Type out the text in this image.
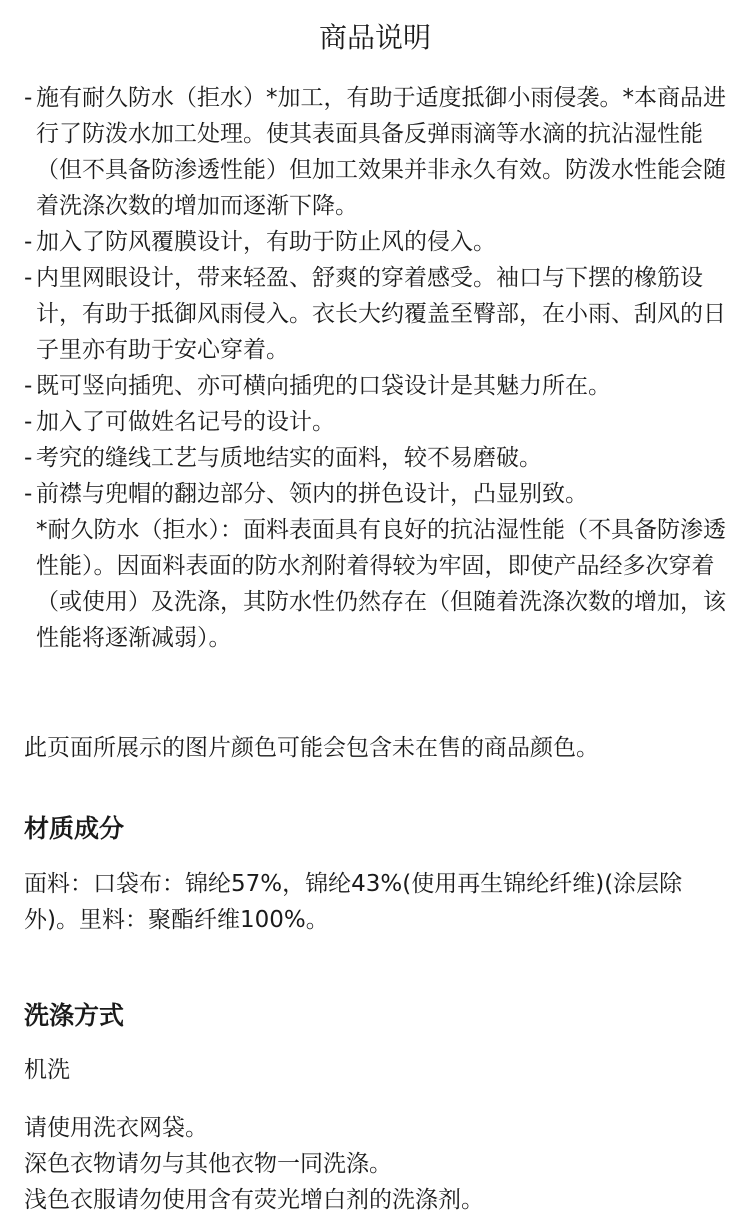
商品说明
- 施有耐久防水（拒水）*加工，有助于适度抵御小雨侵袭。*本商品进行了防泼水加工处理。使其表面具备反弹雨滴等水滴的抗沾湿性能（但不具备防渗透性能）但加工效果并非永久有效。防泼水性能会随着洗涤次数的增加而逐渐下降。
- 加入了防风覆膜设计，有助于防止风的侵入。
- 内里网眼设计，带来轻盈、舒爽的穿着感受。袖口与下摆的橡筋设计，有助于抵御风雨侵入。衣长大约覆盖至臀部，在小雨、刮风的日子里亦有助于安心穿着。
- 既可竖向插兜、亦可横向插兜的口袋设计是其魅力所在。
- 加入了可做姓名记号的设计。
- 考究的缝线工艺与质地结实的面料，较不易磨破。
- 前襟与兜帽的翻边部分、领内的拼色设计，凸显别致。
*耐久防水（拒水）：面料表面具有良好的抗沾湿性能（不具备防渗透性能）。因面料表面的防水剂附着得较为牢固，即使产品经多次穿着（或使用）及洗涤，其防水性仍然存在（但随着洗涤次数的增加，该性能将逐渐减弱）。
此页面所展示的图片颜色可能会包含未在售的商品颜色。
材质成分
面料：口袋布：锦纶57%，锦纶43%(使用再生锦纶纤维)(涂层除外)。里料：聚酯纤维100%。
洗涤方式
机洗
请使用洗衣网袋。
深色衣物请勿与其他衣物一同洗涤。
浅色衣服请勿使用含有荧光增白剂的洗涤剂。
